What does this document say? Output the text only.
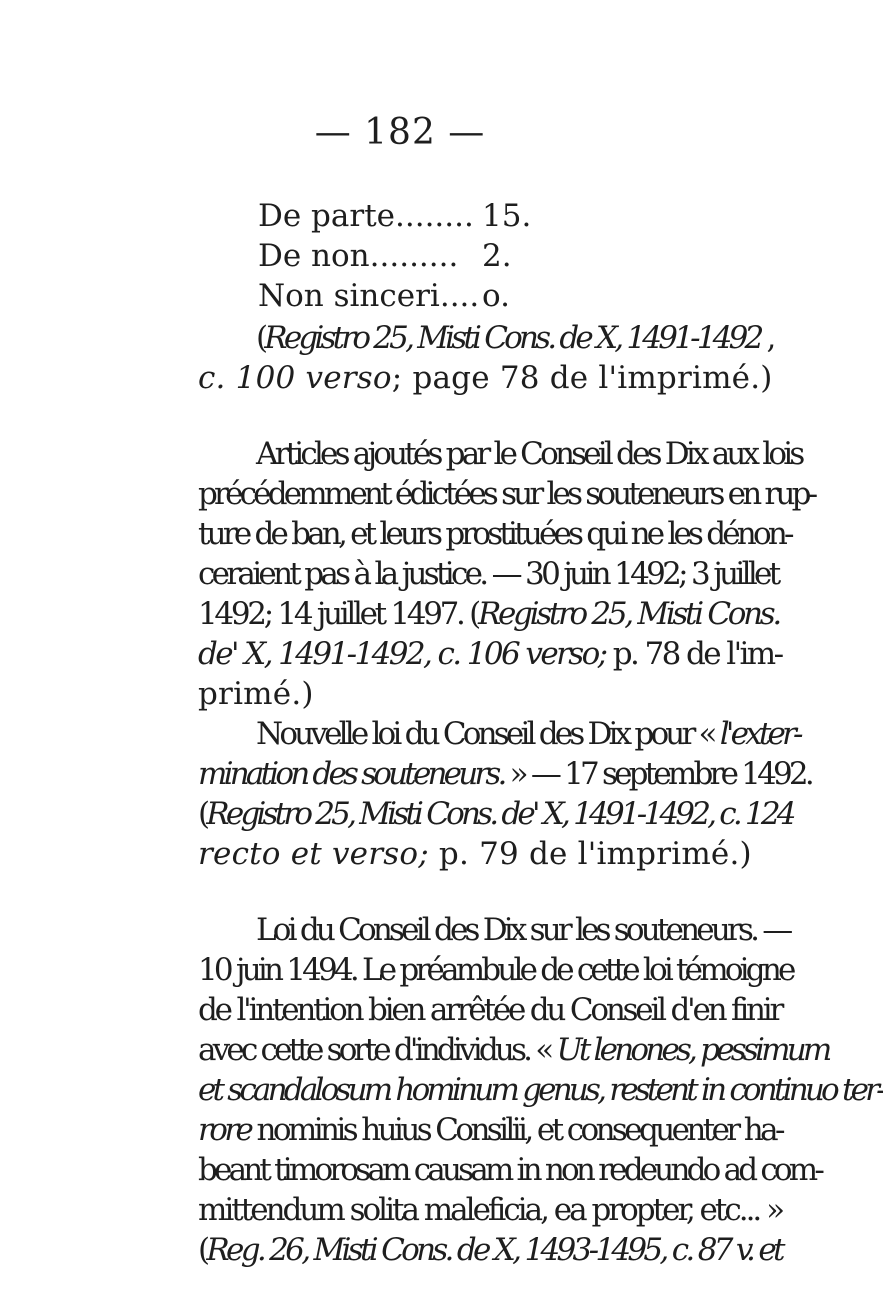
— 182 —
De parte........ 15.
De non......... 2.
Non sinceri....o.
(Registro 25, Misti Cons. de X, 1491-1492 ,
c. 100 verso; page 78 de l'imprimé.)
Articles ajoutés par le Conseil des Dix aux lois
précédemment édictées sur les souteneurs en rup-
ture de ban, et leurs prostituées qui ne les dénon-
ceraient pas à la justice. — 30 juin 1492; 3 juillet
1492; 14 juillet 1497. (Registro 25, Misti Cons.
de' X, 1491-1492, c. 106 verso; p. 78 de l'im-
primé.)
Nouvelle loi du Conseil des Dix pour « l'exter-
mination des souteneurs. » — 17 septembre 1492.
(Registro 25, Misti Cons. de' X, 1491-1492, c. 124
recto et verso; p. 79 de l'imprimé.)
Loi du Conseil des Dix sur les souteneurs. —
10 juin 1494. Le préambule de cette loi témoigne
de l'intention bien arrêtée du Conseil d'en finir
avec cette sorte d'individus. « Ut lenones, pessimum
et scandalosum hominum genus, restent in continuo ter-
rore nominis huius Consilii, et consequenter ha-
beant timorosam causam in non redeundo ad com-
mittendum solita maleficia, ea propter, etc... »
(Reg. 26, Misti Cons. de X, 1493-1495, c. 87 v. et
